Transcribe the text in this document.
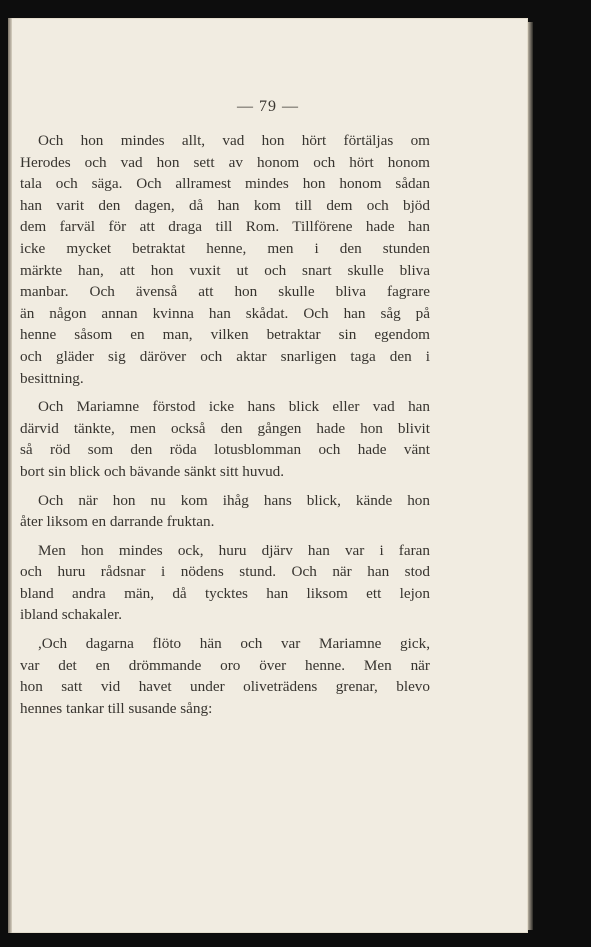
— 79 —
Och hon mindes allt, vad hon hört förtäljas om
Herodes och vad hon sett av honom och hört honom
tala och säga. Och allramest mindes hon honom sådan
han varit den dagen, då han kom till dem och bjöd
dem farväl för att draga till Rom. Tillförene hade han
icke mycket betraktat henne, men i den stunden
märkte han, att hon vuxit ut och snart skulle bliva
manbar. Och ävenså att hon skulle bliva fagrare
än någon annan kvinna han skådat. Och han såg på
henne såsom en man, vilken betraktar sin egendom
och gläder sig däröver och aktar snarligen taga den i
besittning.
Och Mariamne förstod icke hans blick eller vad han
därvid tänkte, men också den gången hade hon blivit
så röd som den röda lotusblomman och hade vänt
bort sin blick och bävande sänkt sitt huvud.
Och när hon nu kom ihåg hans blick, kände hon
åter liksom en darrande fruktan.
Men hon mindes ock, huru djärv han var i faran
och huru rådsnar i nödens stund. Och när han stod
bland andra män, då tycktes han liksom ett lejon
ibland schakaler.
,Och dagarna flöto hän och var Mariamne gick,
var det en drömmande oro över henne. Men när
hon satt vid havet under oliveträdens grenar, blevo
hennes tankar till susande sång:
